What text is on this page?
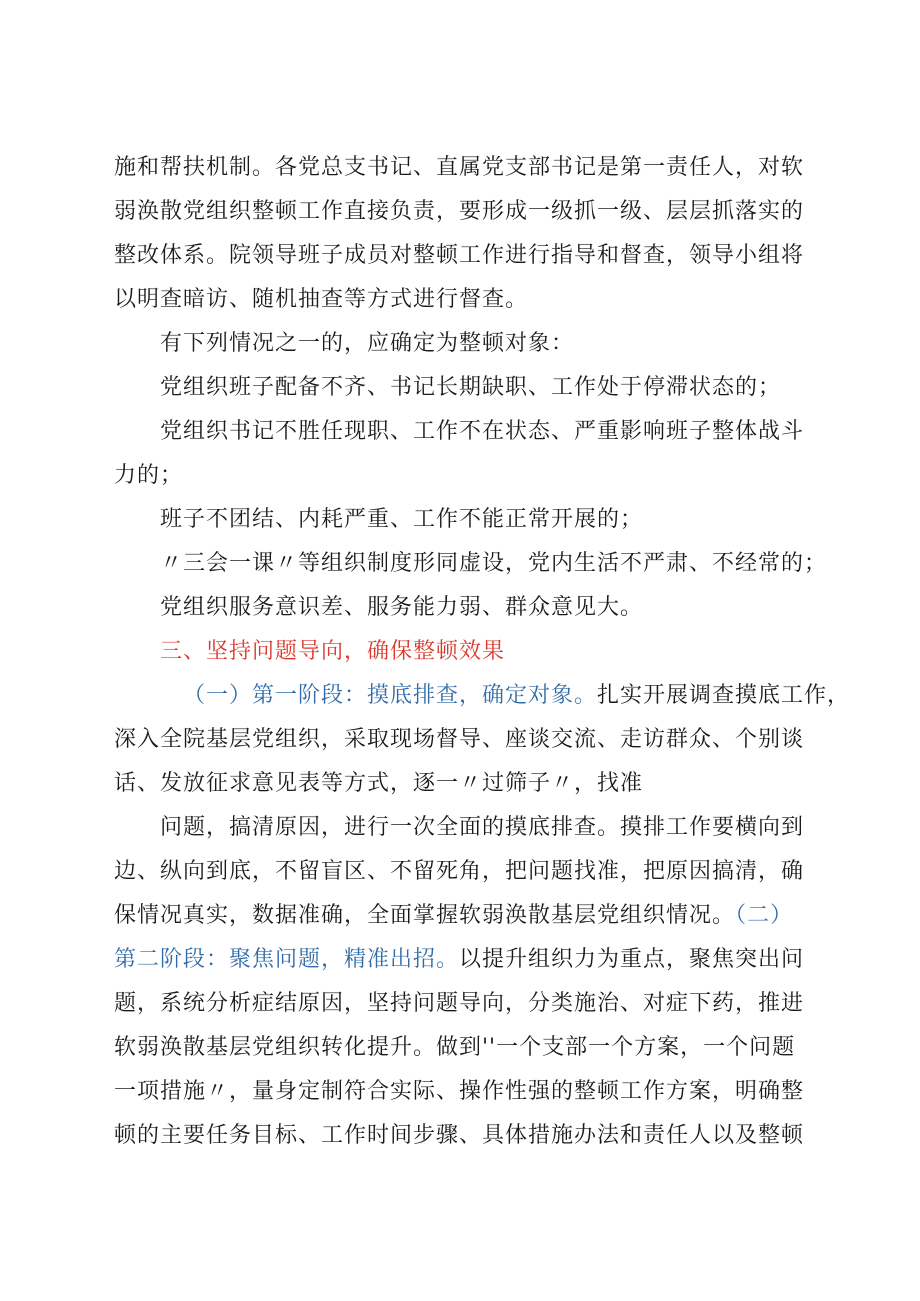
施和帮扶机制。各党总支书记、直属党支部书记是第一责任人，对软
弱涣散党组织整顿工作直接负责，要形成一级抓一级、层层抓落实的
整改体系。院领导班子成员对整顿工作进行指导和督查，领导小组将
以明查暗访、随机抽查等方式进行督查。
有下列情况之一的，应确定为整顿对象：
党组织班子配备不齐、书记长期缺职、工作处于停滞状态的；
党组织书记不胜任现职、工作不在状态、严重影响班子整体战斗
力的；
班子不团结、内耗严重、工作不能正常开展的；
〃三会一课〃等组织制度形同虚设，党内生活不严肃、不经常的；
党组织服务意识差、服务能力弱、群众意见大。
三、坚持问题导向，确保整顿效果
（一）第一阶段：摸底排查，确定对象。扎实开展调查摸底工作，
深入全院基层党组织，采取现场督导、座谈交流、走访群众、个别谈
话、发放征求意见表等方式，逐一〃过筛子〃，找准
问题，搞清原因，进行一次全面的摸底排查。摸排工作要横向到
边、纵向到底，不留盲区、不留死角，把问题找准，把原因搞清，确
保情况真实，数据准确，全面掌握软弱涣散基层党组织情况。（二）
第二阶段：聚焦问题，精准出招。以提升组织力为重点，聚焦突出问
题，系统分析症结原因，坚持问题导向，分类施治、对症下药，推进
软弱涣散基层党组织转化提升。做到''一个支部一个方案，一个问题
一项措施〃，量身定制符合实际、操作性强的整顿工作方案，明确整
顿的主要任务目标、工作时间步骤、具体措施办法和责任人以及整顿
